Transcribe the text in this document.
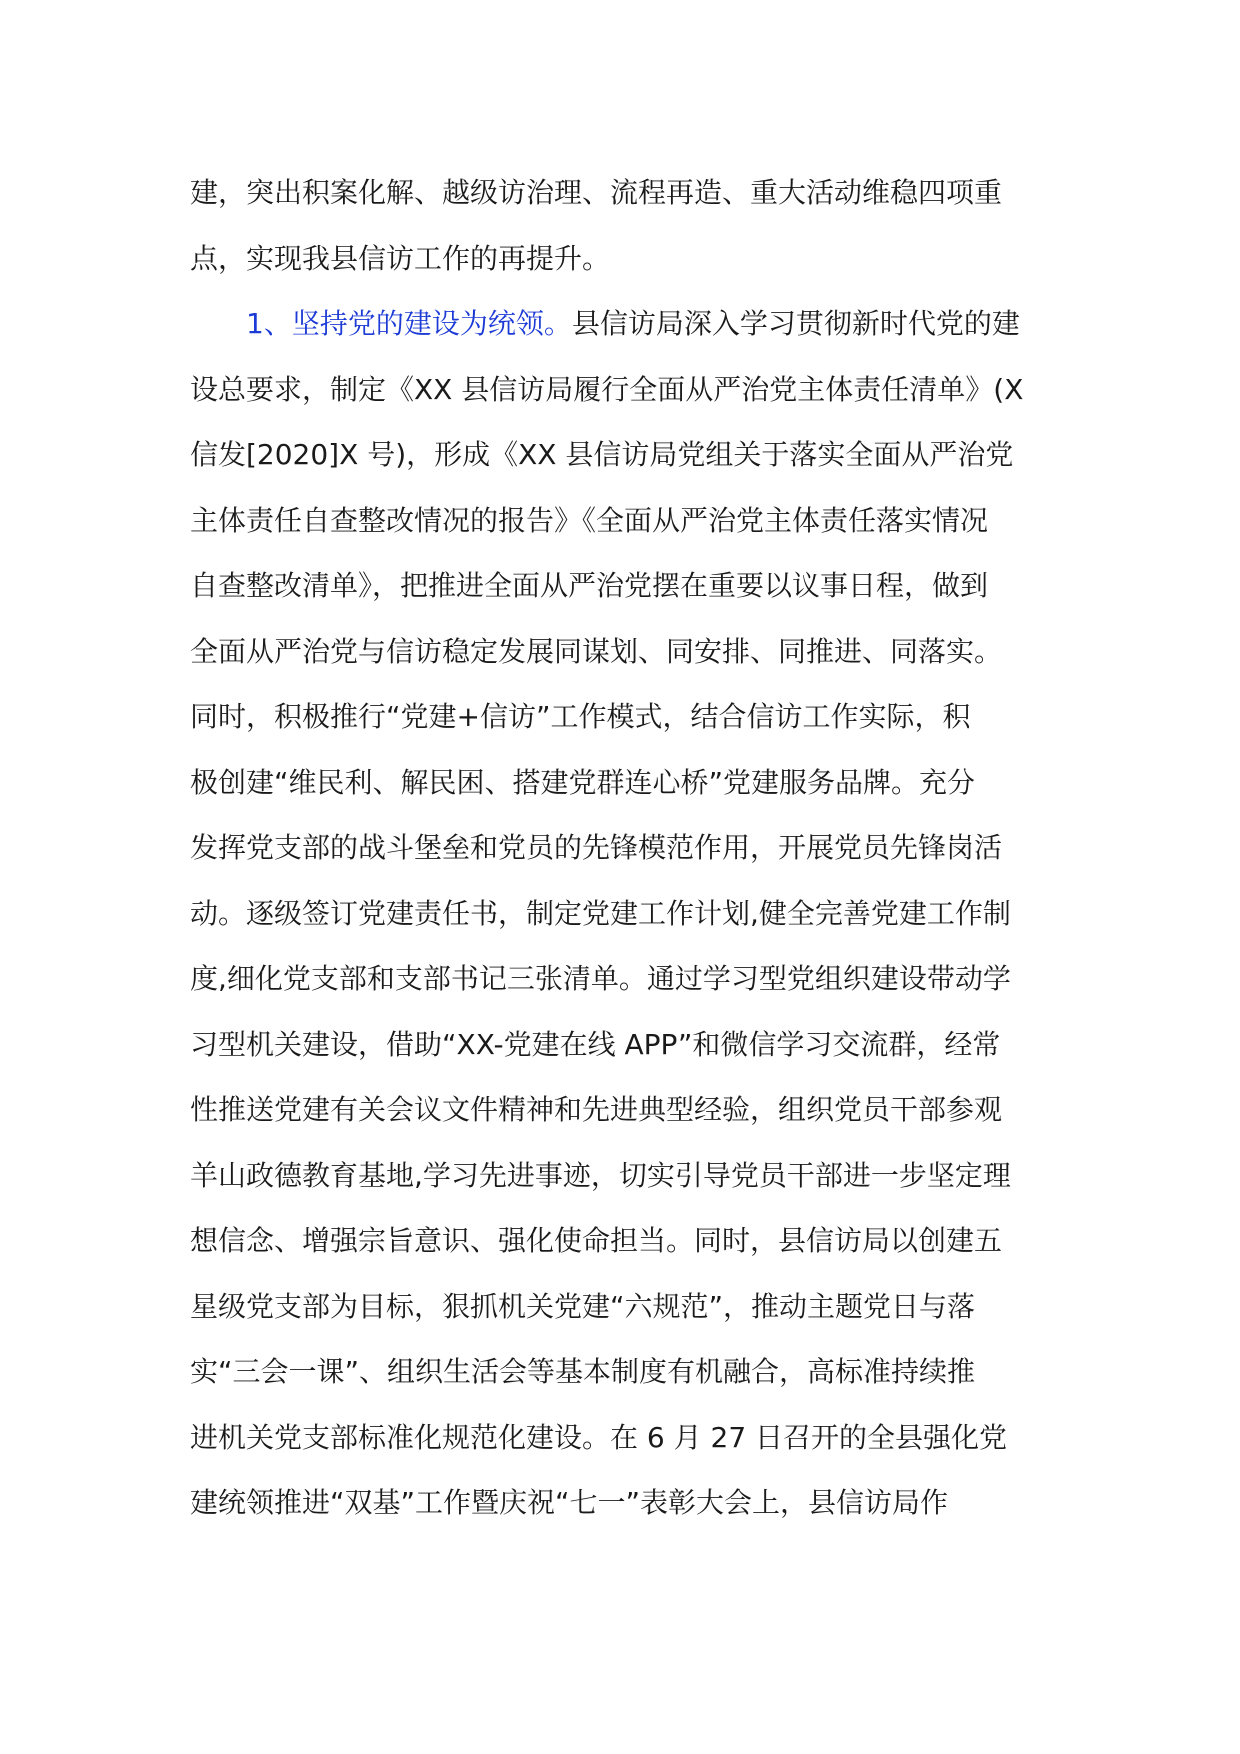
建，突出积案化解、越级访治理、流程再造、重大活动维稳四项重
点，实现我县信访工作的再提升。
1、坚持党的建设为统领。县信访局深入学习贯彻新时代党的建
设总要求，制定《XX 县信访局履行全面从严治党主体责任清单》(X
信发[2020]X 号)，形成《XX 县信访局党组关于落实全面从严治党
主体责任自查整改情况的报告》《全面从严治党主体责任落实情况
自查整改清单》，把推进全面从严治党摆在重要以议事日程，做到
全面从严治党与信访稳定发展同谋划、同安排、同推进、同落实。
同时，积极推行“党建+信访”工作模式，结合信访工作实际，积
极创建“维民利、解民困、搭建党群连心桥”党建服务品牌。充分
发挥党支部的战斗堡垒和党员的先锋模范作用，开展党员先锋岗活
动。逐级签订党建责任书，制定党建工作计划,健全完善党建工作制
度,细化党支部和支部书记三张清单。通过学习型党组织建设带动学
习型机关建设，借助“XX-党建在线 APP”和微信学习交流群，经常
性推送党建有关会议文件精神和先进典型经验，组织党员干部参观
羊山政德教育基地,学习先进事迹，切实引导党员干部进一步坚定理
想信念、增强宗旨意识、强化使命担当。同时，县信访局以创建五
星级党支部为目标，狠抓机关党建“六规范”，推动主题党日与落
实“三会一课”、组织生活会等基本制度有机融合，高标准持续推
进机关党支部标准化规范化建设。在 6 月 27 日召开的全县强化党
建统领推进“双基”工作暨庆祝“七一”表彰大会上，县信访局作
